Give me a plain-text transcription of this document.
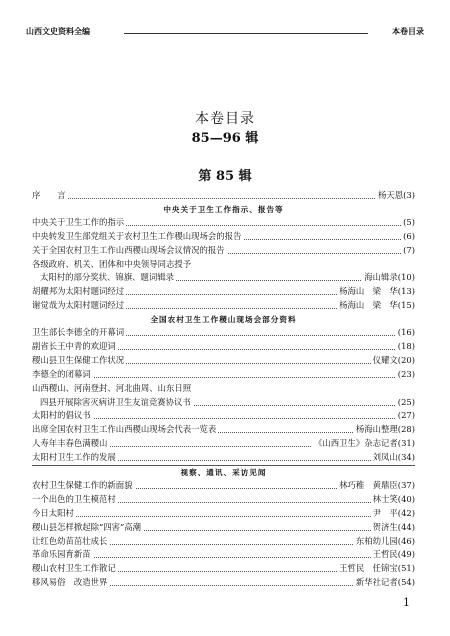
山西文史资料全编	本卷目录
本卷目录
85—96 辑
第 85 辑
序　　言	杨天恩(3)
中央关于卫生工作指示、报告等
中央关于卫生工作的指示	(5)
中央转发卫生部党组关于农村卫生工作稷山现场会的报告	(6)
关于全国农村卫生工作山西稷山现场会议情况的报告	(7)
各级政府、机关、团体和中央领导同志授予
太阳村的部分奖状、锦旗、题词辑录	海山辑录(10)
胡耀邦为太阳村题词经过	杨海山　梁　华(13)
谢觉哉为太阳村题词经过	杨海山　梁　华(15)
全国农村卫生工作稷山现场会部分资料
卫生部长李德全的开幕词	(16)
副省长王中青的欢迎词	(18)
稷山县卫生保健工作状况	仪耀文(20)
李德全的闭幕词	(23)
山西稷山、河南登封、河北曲周、山东日照
四县开展除害灭病讲卫生友谊竞赛协议书	(25)
太阳村的倡议书	(27)
出席全国农村卫生工作山西稷山现场会代表一览表	杨海山整理(28)
人寿年丰春色满稷山	《山西卫生》杂志记者(31)
太阳村卫生工作的发展	刘凤山(34)
视察、通讯、采访见闻
农村卫生保健工作的新面貌	林巧稚　黄鼎臣(37)
一个出色的卫生模范村	林士笑(40)
今日太阳村	尹　平(42)
稷山县怎样掀起除“四害”高潮	贺济生(44)
让红色幼苗茁壮成长	东柏幼儿园(46)
革命乐园育新苗	王哲民(49)
稷山农村卫生工作散记	王哲民　任锦宝(51)
移风易俗　改造世界	新华社记者(54)
1
